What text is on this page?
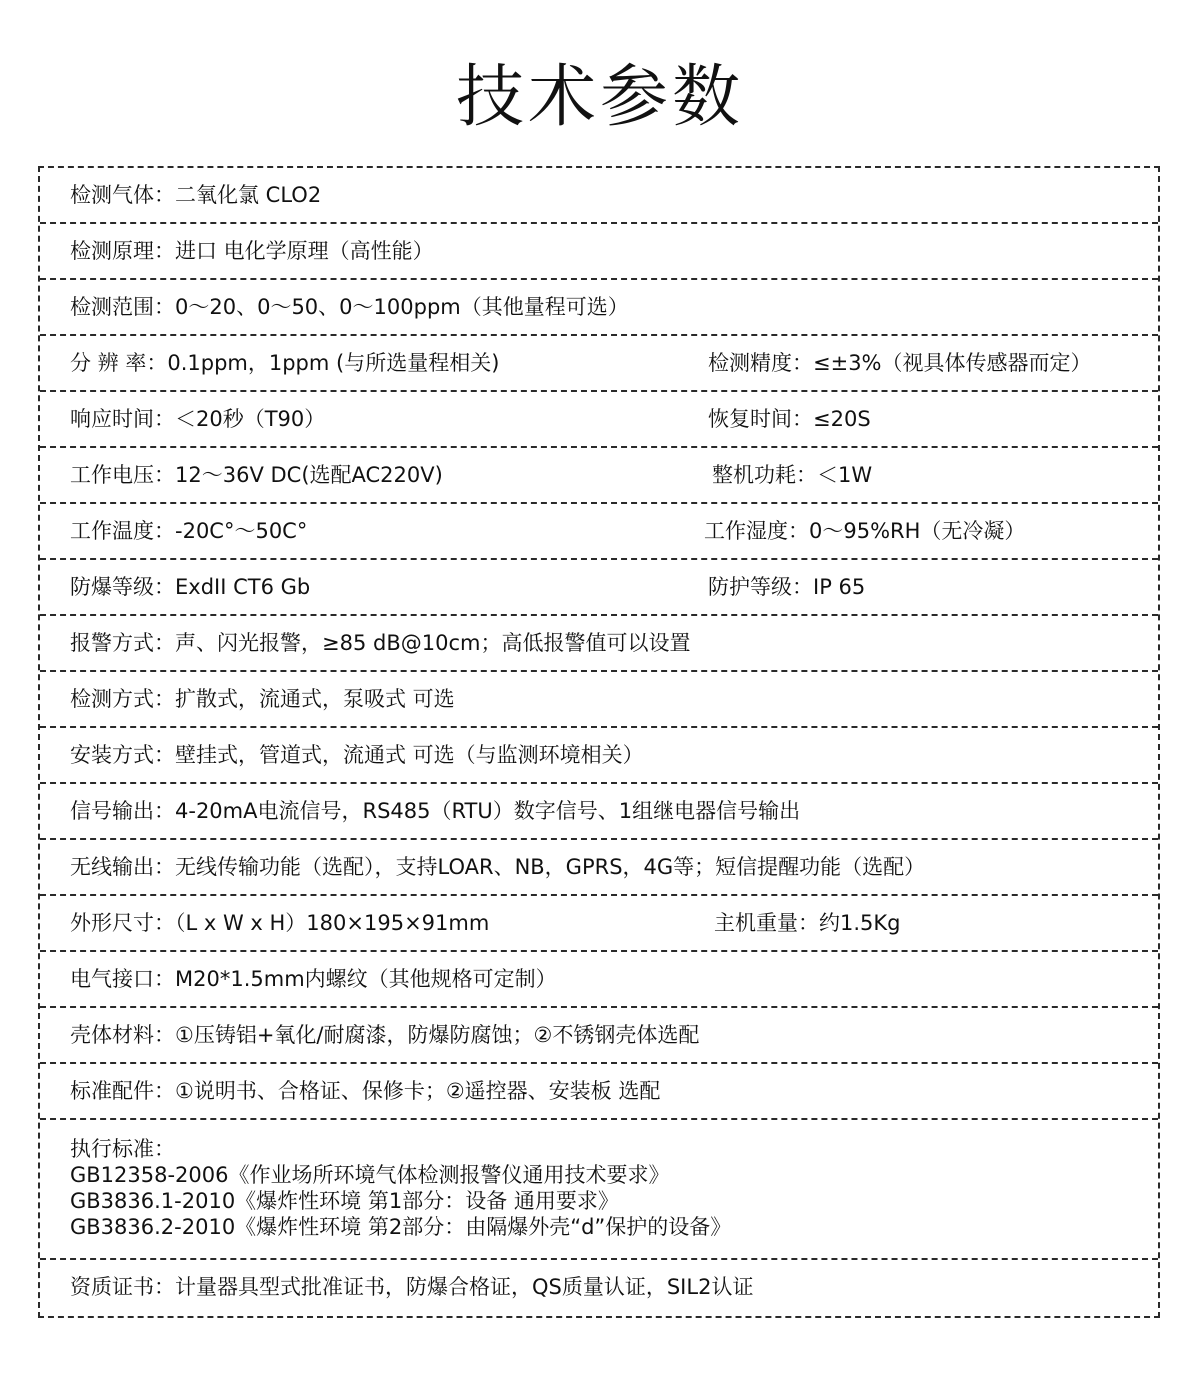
技术参数
检测气体：二氧化氯 CLO2
检测原理：进口 电化学原理（高性能）
检测范围：0～20、0～50、0～100ppm（其他量程可选）
分 辨 率：0.1ppm，1ppm (与所选量程相关)	检测精度：≤±3%（视具体传感器而定）
响应时间：＜20秒（T90）	恢复时间：≤20S
工作电压：12～36V DC(选配AC220V)	整机功耗：＜1W
工作温度：-20C°～50C°	工作湿度：0～95%RH（无冷凝）
防爆等级：ExdII CT6 Gb	防护等级：IP 65
报警方式：声、闪光报警，≥85 dB@10cm；高低报警值可以设置
检测方式：扩散式，流通式，泵吸式 可选
安装方式：壁挂式，管道式，流通式 可选（与监测环境相关）
信号输出：4-20mA电流信号，RS485（RTU）数字信号、1组继电器信号输出
无线输出：无线传输功能（选配），支持LOAR、NB，GPRS，4G等；短信提醒功能（选配）
外形尺寸：（L x W x H）180×195×91mm	主机重量：约1.5Kg
电气接口：M20*1.5mm内螺纹（其他规格可定制）
壳体材料：①压铸铝+氧化/耐腐漆，防爆防腐蚀；②不锈钢壳体选配
标准配件：①说明书、合格证、保修卡；②遥控器、安装板 选配
执行标准：
GB12358-2006《作业场所环境气体检测报警仪通用技术要求》
GB3836.1-2010《爆炸性环境 第1部分：设备 通用要求》
GB3836.2-2010《爆炸性环境 第2部分：由隔爆外壳“d”保护的设备》
资质证书：计量器具型式批准证书，防爆合格证，QS质量认证，SIL2认证
